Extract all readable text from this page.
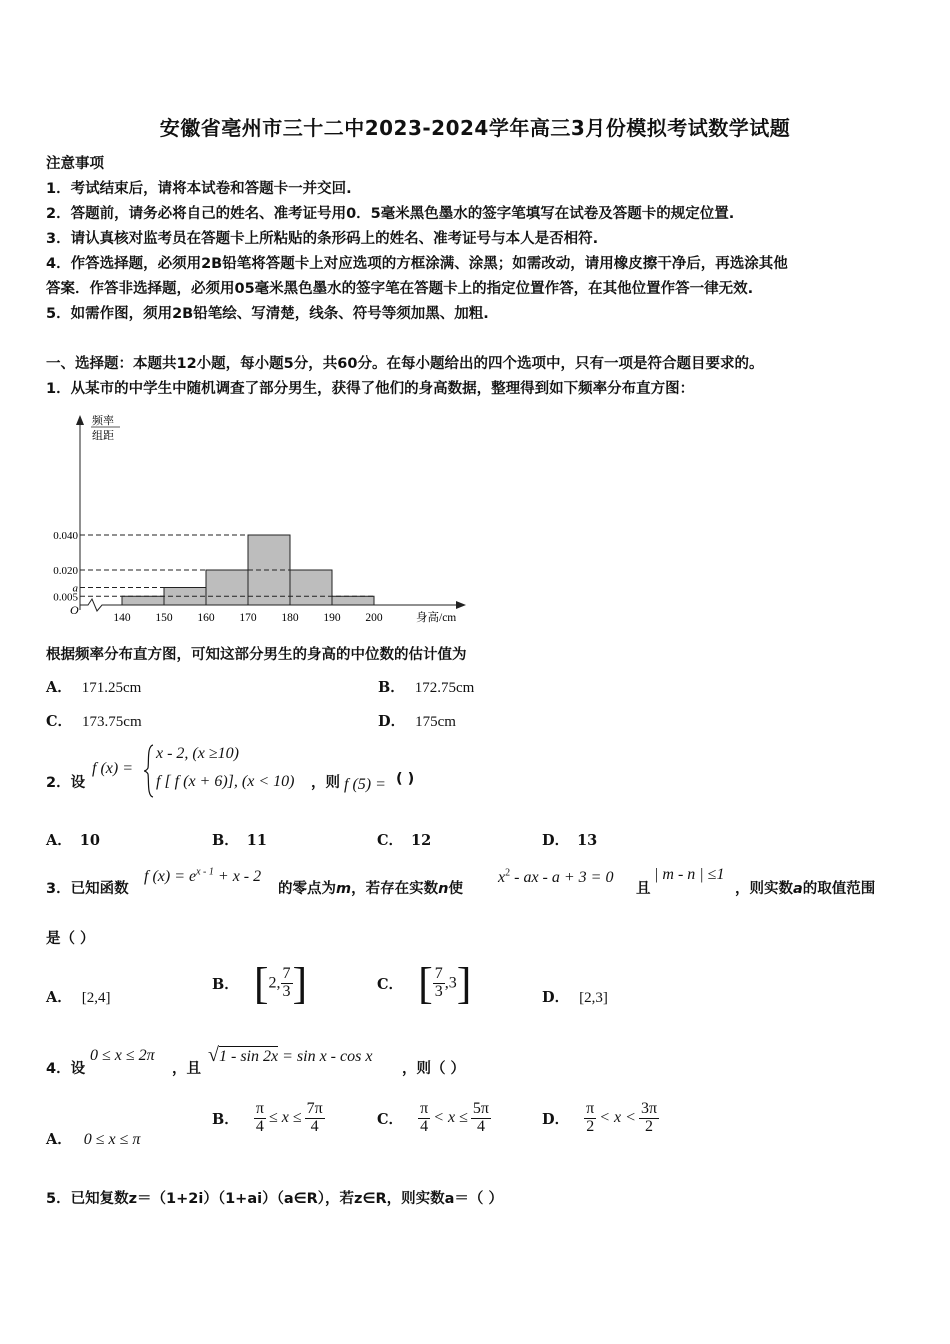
安徽省亳州市三十二中2023-2024学年高三3月份模拟考试数学试题
注意事项
1．考试结束后，请将本试卷和答题卡一并交回.
2．答题前，请务必将自己的姓名、准考证号用0．5毫米黑色墨水的签字笔填写在试卷及答题卡的规定位置.
3．请认真核对监考员在答题卡上所粘贴的条形码上的姓名、准考证号与本人是否相符.
4．作答选择题，必须用2B铅笔将答题卡上对应选项的方框涂满、涂黑；如需改动，请用橡皮擦干净后，再选涂其他
答案．作答非选择题，必须用05毫米黑色墨水的签字笔在答题卡上的指定位置作答，在其他位置作答一律无效.
5．如需作图，须用2B铅笔绘、写清楚，线条、符号等须加黑、加粗.
一、选择题：本题共12小题，每小题5分，共60分。在每小题给出的四个选项中，只有一项是符合题目要求的。
1．从某市的中学生中随机调查了部分男生，获得了他们的身高数据，整理得到如下频率分布直方图：
0.040
0.020
a
0.005
O
140 150 160 170 180 190 200	身高/cm
频率
组距
根据频率分布直方图，可知这部分男生的身高的中位数的估计值为
A． 171.25cm	B． 172.75cm
C． 173.75cm	D． 175cm
2．设
f (x) =
x - 2, (x ≥10)
f [ f (x + 6)], (x < 10) ，则 f (5) = ( )
A． 10	B． 11	C． 12	D． 13
3．已知函数
f $(x) = e^{x - 1} + x - 2$
的零点为m，若存在实数n使
$x^2$ - ax - a + 3 = 0
且
| m - n | ≤1
，则实数a的取值范围
是（ ）
A． [2,4]
B． [2, $\frac{7}{3}$ ]	C． [ $\frac{7}{3} ,3$]	D． [2,3]
4．设
0 ≤ x ≤ 2π
，且
√1 - sin 2x = sin x - cos x
，则（ ）
A． 0 ≤ x ≤ π
B． $\frac{\pi}{4} \le x \le \frac{7\pi}{4}$	C． $\frac{\pi}{4} < x \le \frac{5\pi}{4}$	D． $\frac{\pi}{2} < x < \frac{3\pi}{2}$
5．已知复数z＝（1+2i）（1+ai）（a∈R），若z∈R，则实数a＝（ ）
